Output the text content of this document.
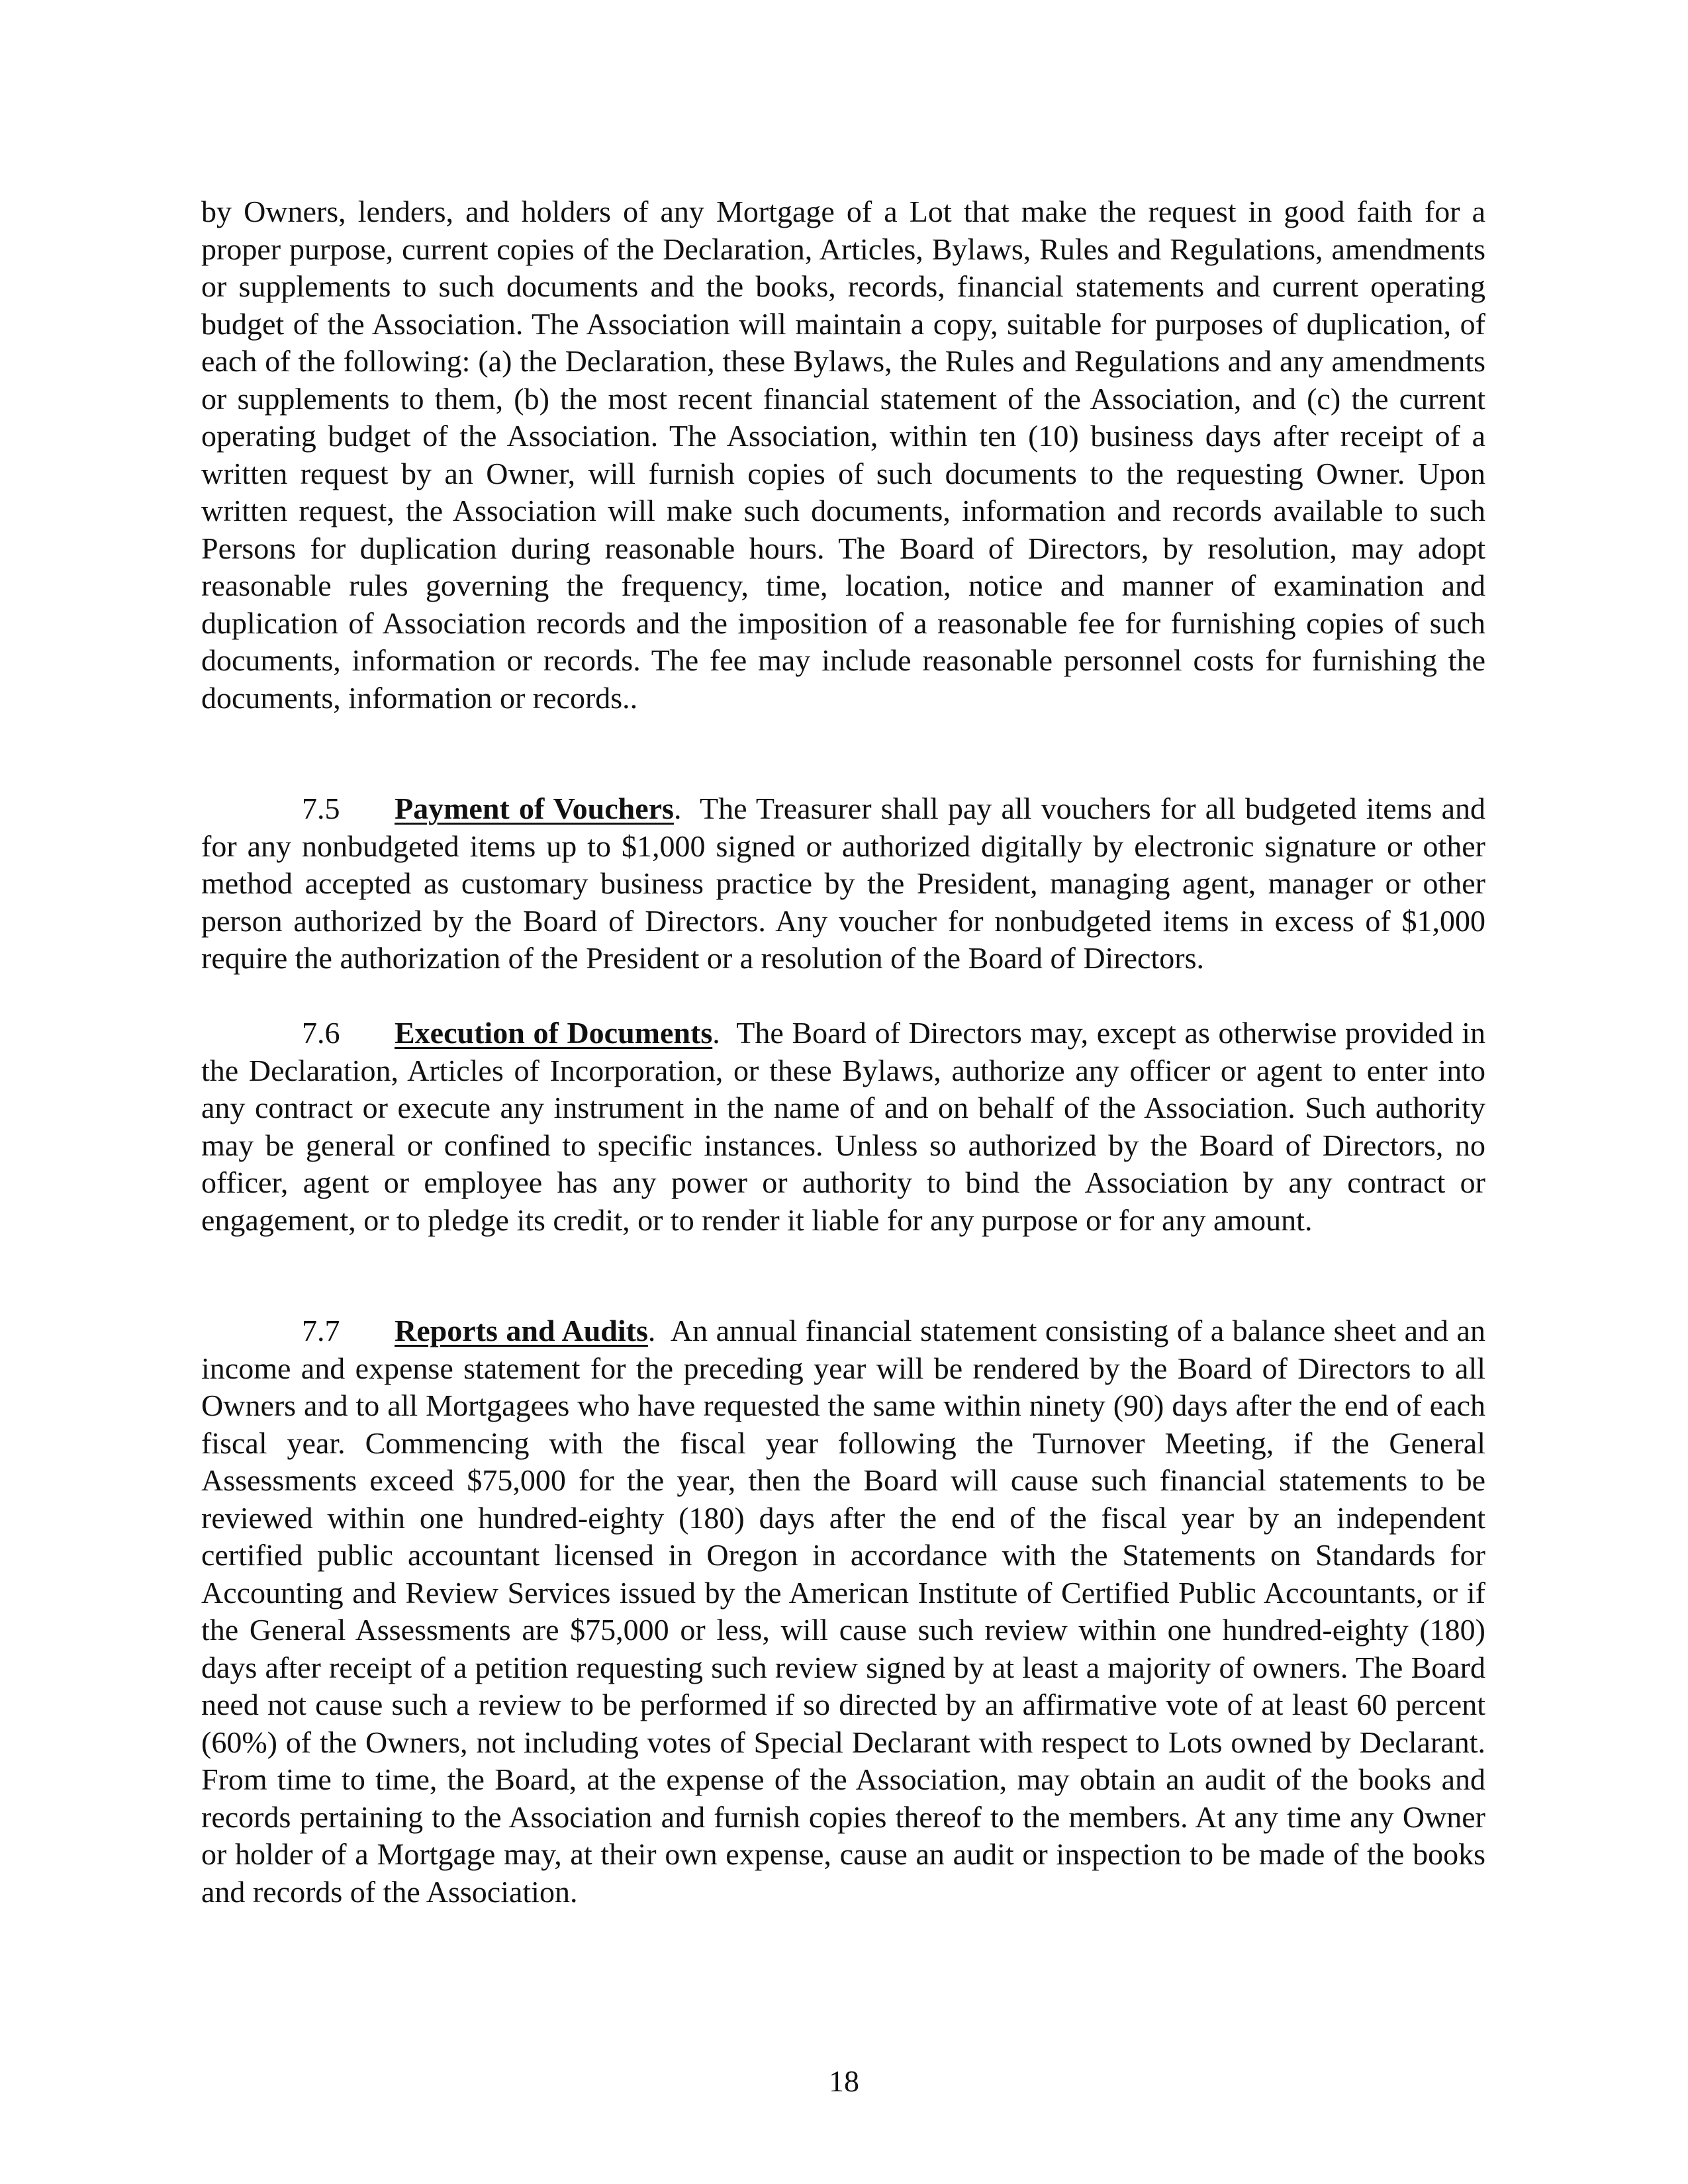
by Owners, lenders, and holders of any Mortgage of a Lot that make the request in good faith for a proper purpose, current copies of the Declaration, Articles, Bylaws, Rules and Regulations, amendments or supplements to such documents and the books, records, financial statements and current operating budget of the Association. The Association will maintain a copy, suitable for purposes of duplication, of each of the following: (a) the Declaration, these Bylaws, the Rules and Regulations and any amendments or supplements to them, (b) the most recent financial statement of the Association, and (c) the current operating budget of the Association. The Association, within ten (10) business days after receipt of a written request by an Owner, will furnish copies of such documents to the requesting Owner. Upon written request, the Association will make such documents, information and records available to such Persons for duplication during reasonable hours. The Board of Directors, by resolution, may adopt reasonable rules governing the frequency, time, location, notice and manner of examination and duplication of Association records and the imposition of a reasonable fee for furnishing copies of such documents, information or records. The fee may include reasonable personnel costs for furnishing the documents, information or records..

7.5 Payment of Vouchers. The Treasurer shall pay all vouchers for all budgeted items and for any nonbudgeted items up to $1,000 signed or authorized digitally by electronic signature or other method accepted as customary business practice by the President, managing agent, manager or other person authorized by the Board of Directors. Any voucher for nonbudgeted items in excess of $1,000 require the authorization of the President or a resolution of the Board of Directors.

7.6 Execution of Documents. The Board of Directors may, except as otherwise provided in the Declaration, Articles of Incorporation, or these Bylaws, authorize any officer or agent to enter into any contract or execute any instrument in the name of and on behalf of the Association. Such authority may be general or confined to specific instances. Unless so authorized by the Board of Directors, no officer, agent or employee has any power or authority to bind the Association by any contract or engagement, or to pledge its credit, or to render it liable for any purpose or for any amount.

7.7 Reports and Audits. An annual financial statement consisting of a balance sheet and an income and expense statement for the preceding year will be rendered by the Board of Directors to all Owners and to all Mortgagees who have requested the same within ninety (90) days after the end of each fiscal year. Commencing with the fiscal year following the Turnover Meeting, if the General Assessments exceed $75,000 for the year, then the Board will cause such financial statements to be reviewed within one hundred-eighty (180) days after the end of the fiscal year by an independent certified public accountant licensed in Oregon in accordance with the Statements on Standards for Accounting and Review Services issued by the American Institute of Certified Public Accountants, or if the General Assessments are $75,000 or less, will cause such review within one hundred-eighty (180) days after receipt of a petition requesting such review signed by at least a majority of owners. The Board need not cause such a review to be performed if so directed by an affirmative vote of at least 60 percent (60%) of the Owners, not including votes of Special Declarant with respect to Lots owned by Declarant. From time to time, the Board, at the expense of the Association, may obtain an audit of the books and records pertaining to the Association and furnish copies thereof to the members. At any time any Owner or holder of a Mortgage may, at their own expense, cause an audit or inspection to be made of the books and records of the Association.

18
